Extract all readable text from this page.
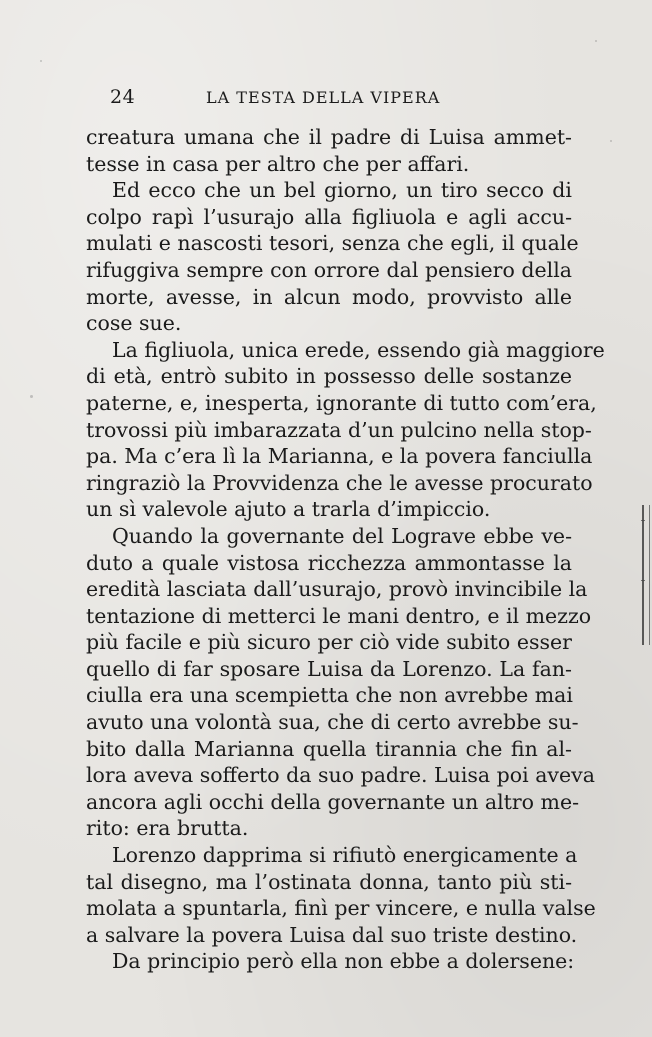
24	LA TESTA DELLA VIPERA
creatura umana che il padre di Luisa ammet-
tesse in casa per altro che per affari.
Ed ecco che un bel giorno, un tiro secco di
colpo rapì l’usurajo alla figliuola e agli accu-
mulati e nascosti tesori, senza che egli, il quale
rifuggiva sempre con orrore dal pensiero della
morte, avesse, in alcun modo, provvisto alle
cose sue.
La figliuola, unica erede, essendo già maggiore
di età, entrò subito in possesso delle sostanze
paterne, e, inesperta, ignorante di tutto com’era,
trovossi più imbarazzata d’un pulcino nella stop-
pa. Ma c’era lì la Marianna, e la povera fanciulla
ringraziò la Provvidenza che le avesse procurato
un sì valevole ajuto a trarla d’impiccio.
Quando la governante del Lograve ebbe ve-
duto a quale vistosa ricchezza ammontasse la
eredità lasciata dall’usurajo, provò invincibile la
tentazione di metterci le mani dentro, e il mezzo
più facile e più sicuro per ciò vide subito esser
quello di far sposare Luisa da Lorenzo. La fan-
ciulla era una scempietta che non avrebbe mai
avuto una volontà sua, che di certo avrebbe su-
bito dalla Marianna quella tirannia che fin al-
lora aveva sofferto da suo padre. Luisa poi aveva
ancora agli occhi della governante un altro me-
rito: era brutta.
Lorenzo dapprima si rifiutò energicamente a
tal disegno, ma l’ostinata donna, tanto più sti-
molata a spuntarla, finì per vincere, e nulla valse
a salvare la povera Luisa dal suo triste destino.
Da principio però ella non ebbe a dolersene:
